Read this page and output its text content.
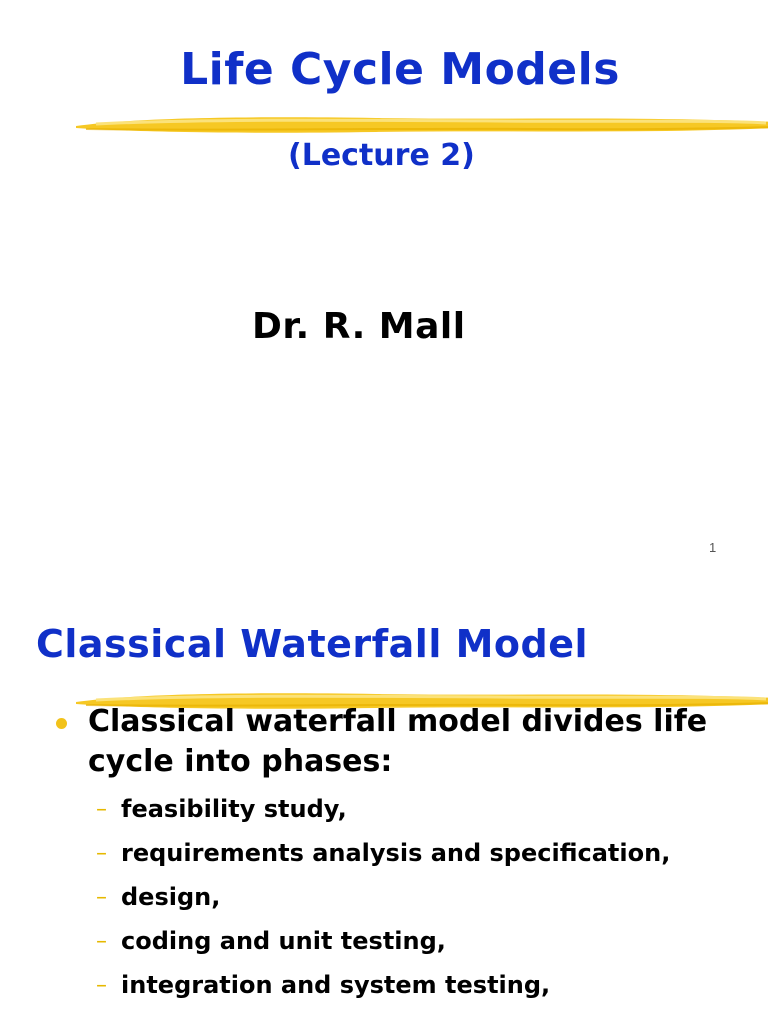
Life Cycle Models
(Lecture 2)
Dr. R. Mall
1
Classical Waterfall Model
Classical waterfall model divides life cycle into phases:
– feasibility study,
– requirements analysis and specification,
– design,
– coding and unit testing,
– integration and system testing,
